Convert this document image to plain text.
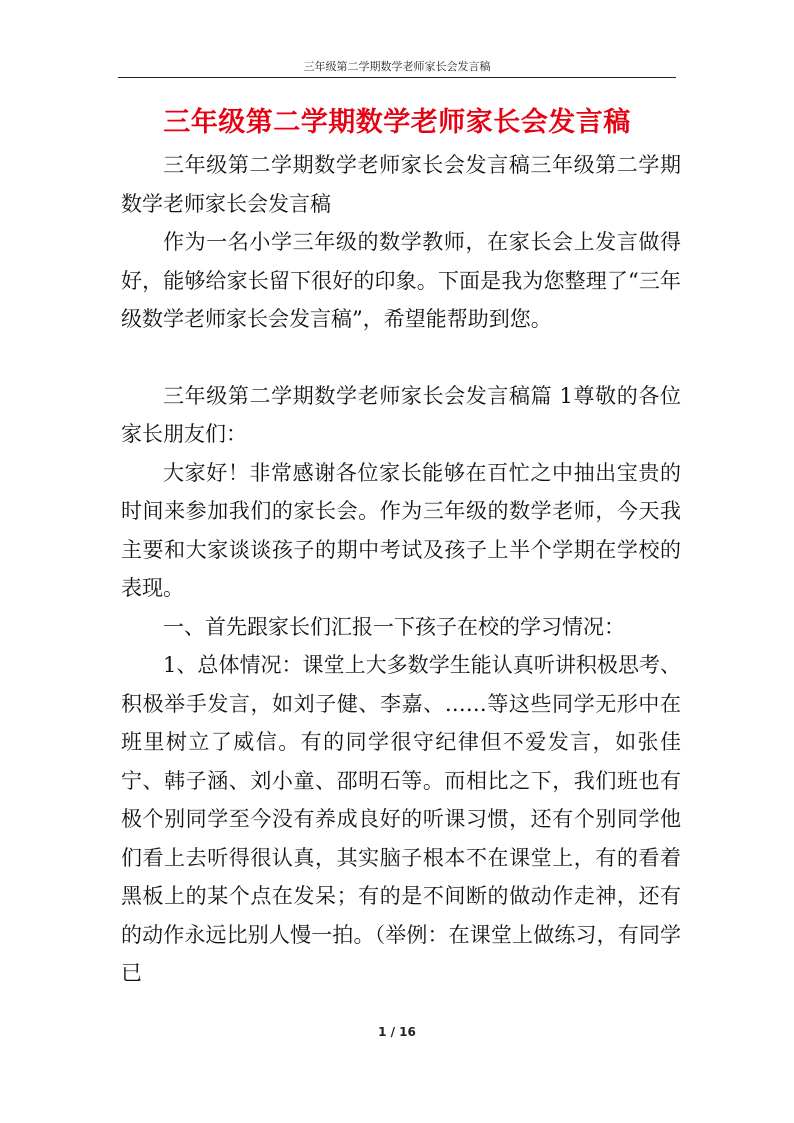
三年级第二学期数学老师家长会发言稿
三年级第二学期数学老师家长会发言稿

三年级第二学期数学老师家长会发言稿三年级第二学期数学老师家长会发言稿

作为一名小学三年级的数学教师，在家长会上发言做得好，能够给家长留下很好的印象。下面是我为您整理了“三年级数学老师家长会发言稿”，希望能帮助到您。

三年级第二学期数学老师家长会发言稿篇 1尊敬的各位家长朋友们：

大家好！非常感谢各位家长能够在百忙之中抽出宝贵的时间来参加我们的家长会。作为三年级的数学老师，今天我主要和大家谈谈孩子的期中考试及孩子上半个学期在学校的表现。

一、首先跟家长们汇报一下孩子在校的学习情况：

1、总体情况：课堂上大多数学生能认真听讲积极思考、积极举手发言，如刘子健、李嘉、……等这些同学无形中在班里树立了威信。有的同学很守纪律但不爱发言，如张佳宁、韩子涵、刘小童、邵明石等。而相比之下，我们班也有极个别同学至今没有养成良好的听课习惯，还有个别同学他们看上去听得很认真，其实脑子根本不在课堂上，有的看着黑板上的某个点在发呆；有的是不间断的做动作走神，还有的动作永远比别人慢一拍。（举例：在课堂上做练习，有同学已

1 / 16
